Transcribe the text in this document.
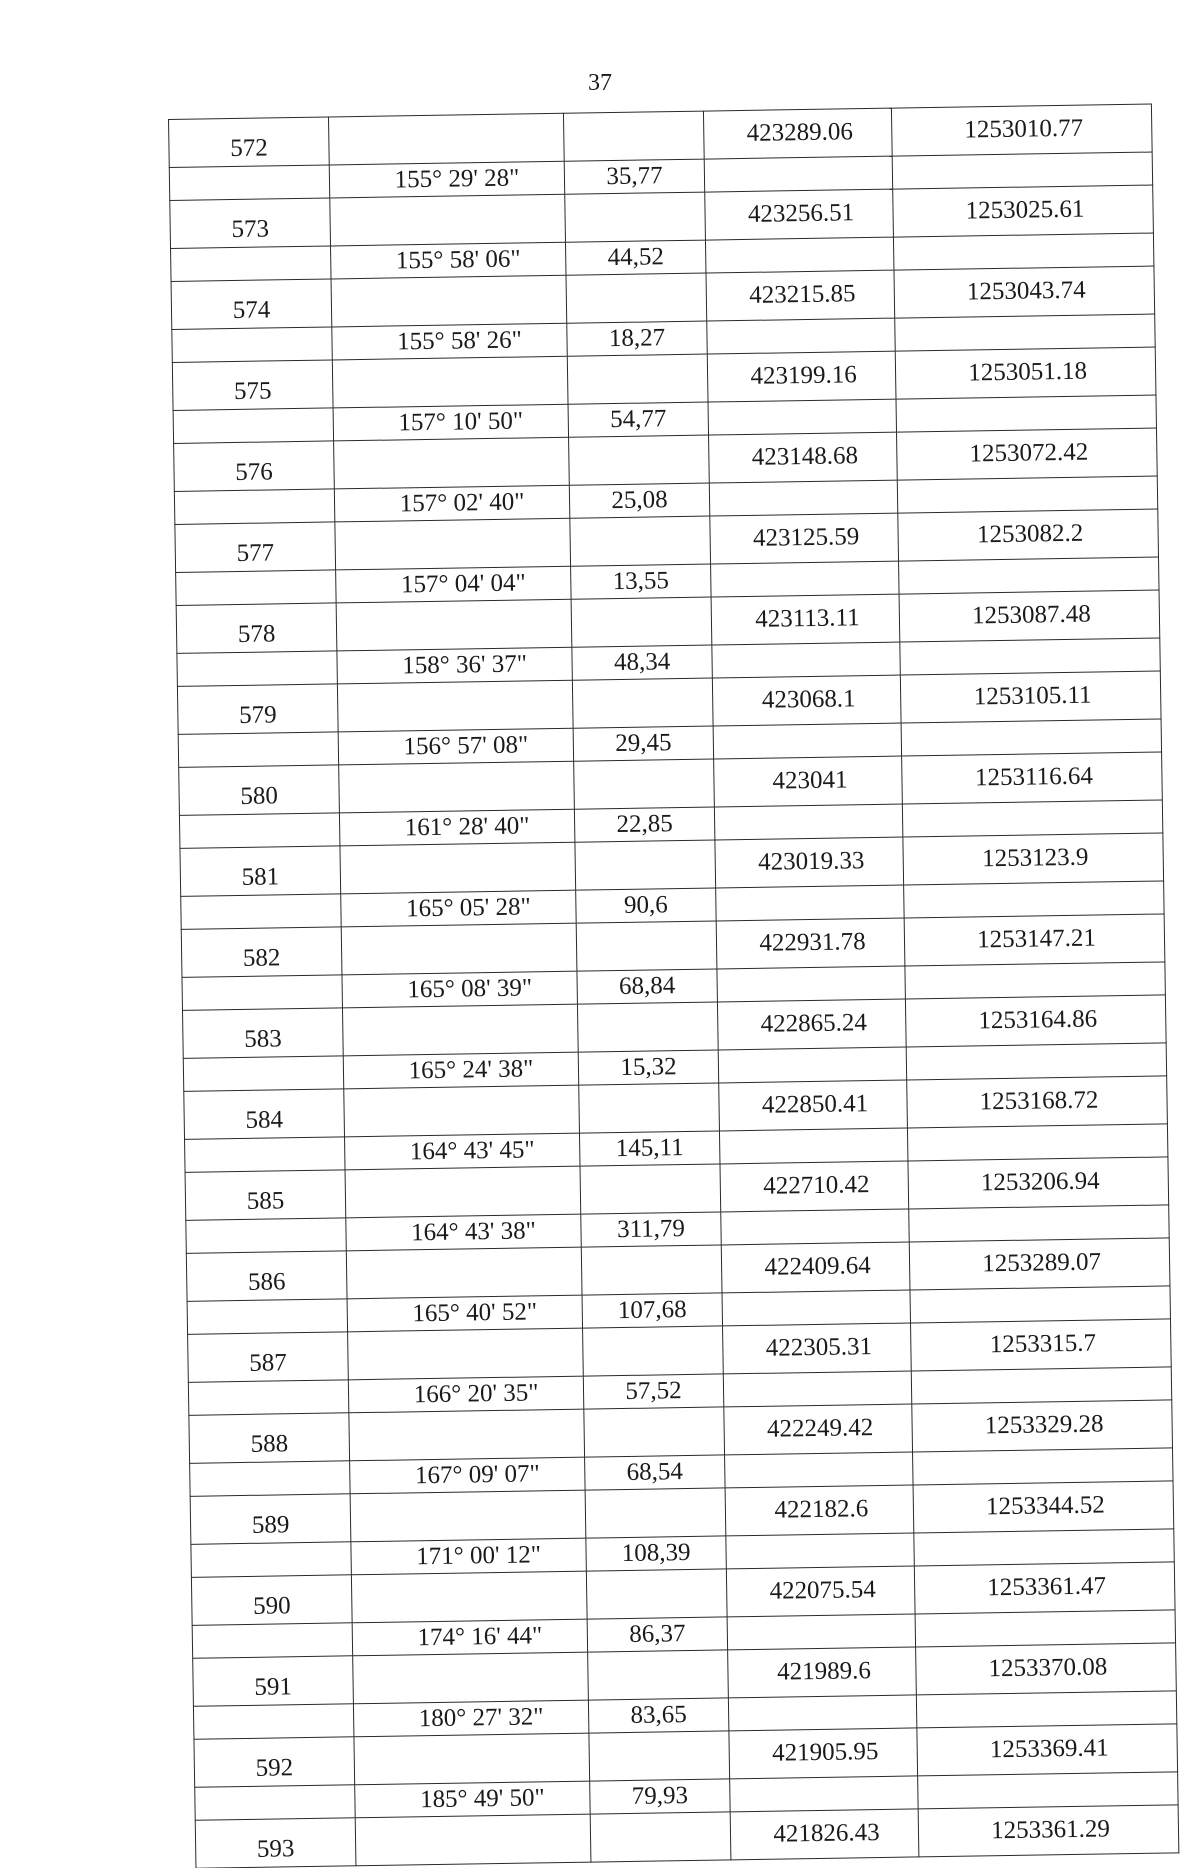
37
572			423289.06	1253010.77
	155° 29' 28"	35,77		
573			423256.51	1253025.61
	155° 58' 06"	44,52		
574			423215.85	1253043.74
	155° 58' 26"	18,27		
575			423199.16	1253051.18
	157° 10' 50"	54,77		
576			423148.68	1253072.42
	157° 02' 40"	25,08		
577			423125.59	1253082.2
	157° 04' 04"	13,55		
578			423113.11	1253087.48
	158° 36' 37"	48,34		
579			423068.1	1253105.11
	156° 57' 08"	29,45		
580			423041	1253116.64
	161° 28' 40"	22,85		
581			423019.33	1253123.9
	165° 05' 28"	90,6		
582			422931.78	1253147.21
	165° 08' 39"	68,84		
583			422865.24	1253164.86
	165° 24' 38"	15,32		
584			422850.41	1253168.72
	164° 43' 45"	145,11		
585			422710.42	1253206.94
	164° 43' 38"	311,79		
586			422409.64	1253289.07
	165° 40' 52"	107,68		
587			422305.31	1253315.7
	166° 20' 35"	57,52		
588			422249.42	1253329.28
	167° 09' 07"	68,54		
589			422182.6	1253344.52
	171° 00' 12"	108,39		
590			422075.54	1253361.47
	174° 16' 44"	86,37		
591			421989.6	1253370.08
	180° 27' 32"	83,65		
592			421905.95	1253369.41
	185° 49' 50"	79,93		
593			421826.43	1253361.29
